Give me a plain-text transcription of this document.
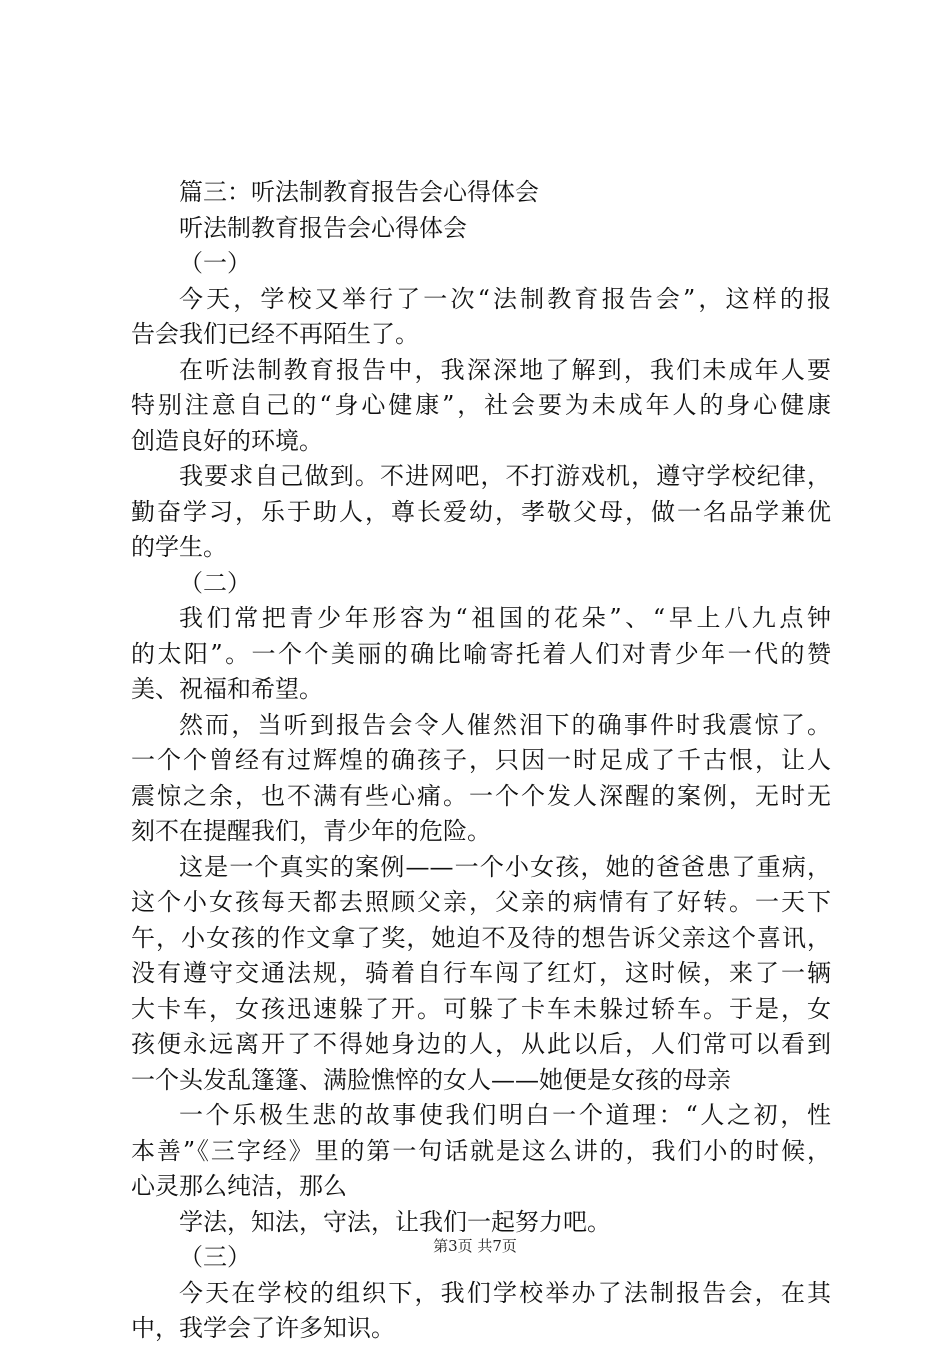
篇三：听法制教育报告会心得体会
听法制教育报告会心得体会
（一）
今天，学校又举行了一次“法制教育报告会”，这样的报
告会我们已经不再陌生了。
在听法制教育报告中，我深深地了解到，我们未成年人要
特别注意自己的“身心健康”，社会要为未成年人的身心健康
创造良好的环境。
我要求自己做到。不进网吧，不打游戏机，遵守学校纪律，
勤奋学习，乐于助人，尊长爱幼，孝敬父母，做一名品学兼优
的学生。
（二）
我们常把青少年形容为“祖国的花朵”、“早上八九点钟
的太阳”。一个个美丽的确比喻寄托着人们对青少年一代的赞
美、祝福和希望。
然而，当听到报告会令人催然泪下的确事件时我震惊了。
一个个曾经有过辉煌的确孩子，只因一时足成了千古恨，让人
震惊之余，也不满有些心痛。一个个发人深醒的案例，无时无
刻不在提醒我们，青少年的危险。
这是一个真实的案例——一个小女孩，她的爸爸患了重病，
这个小女孩每天都去照顾父亲，父亲的病情有了好转。一天下
午，小女孩的作文拿了奖，她迫不及待的想告诉父亲这个喜讯，
没有遵守交通法规，骑着自行车闯了红灯，这时候，来了一辆
大卡车，女孩迅速躲了开。可躲了卡车未躲过轿车。于是，女
孩便永远离开了不得她身边的人，从此以后，人们常可以看到
一个头发乱篷篷、满脸憔悴的女人——她便是女孩的母亲
一个乐极生悲的故事使我们明白一个道理：“人之初，性
本善”《三字经》里的第一句话就是这么讲的，我们小的时候，
心灵那么纯洁，那么
学法，知法，守法，让我们一起努力吧。
（三）
今天在学校的组织下，我们学校举办了法制报告会，在其
中，我学会了许多知识。
第3页 共7页
